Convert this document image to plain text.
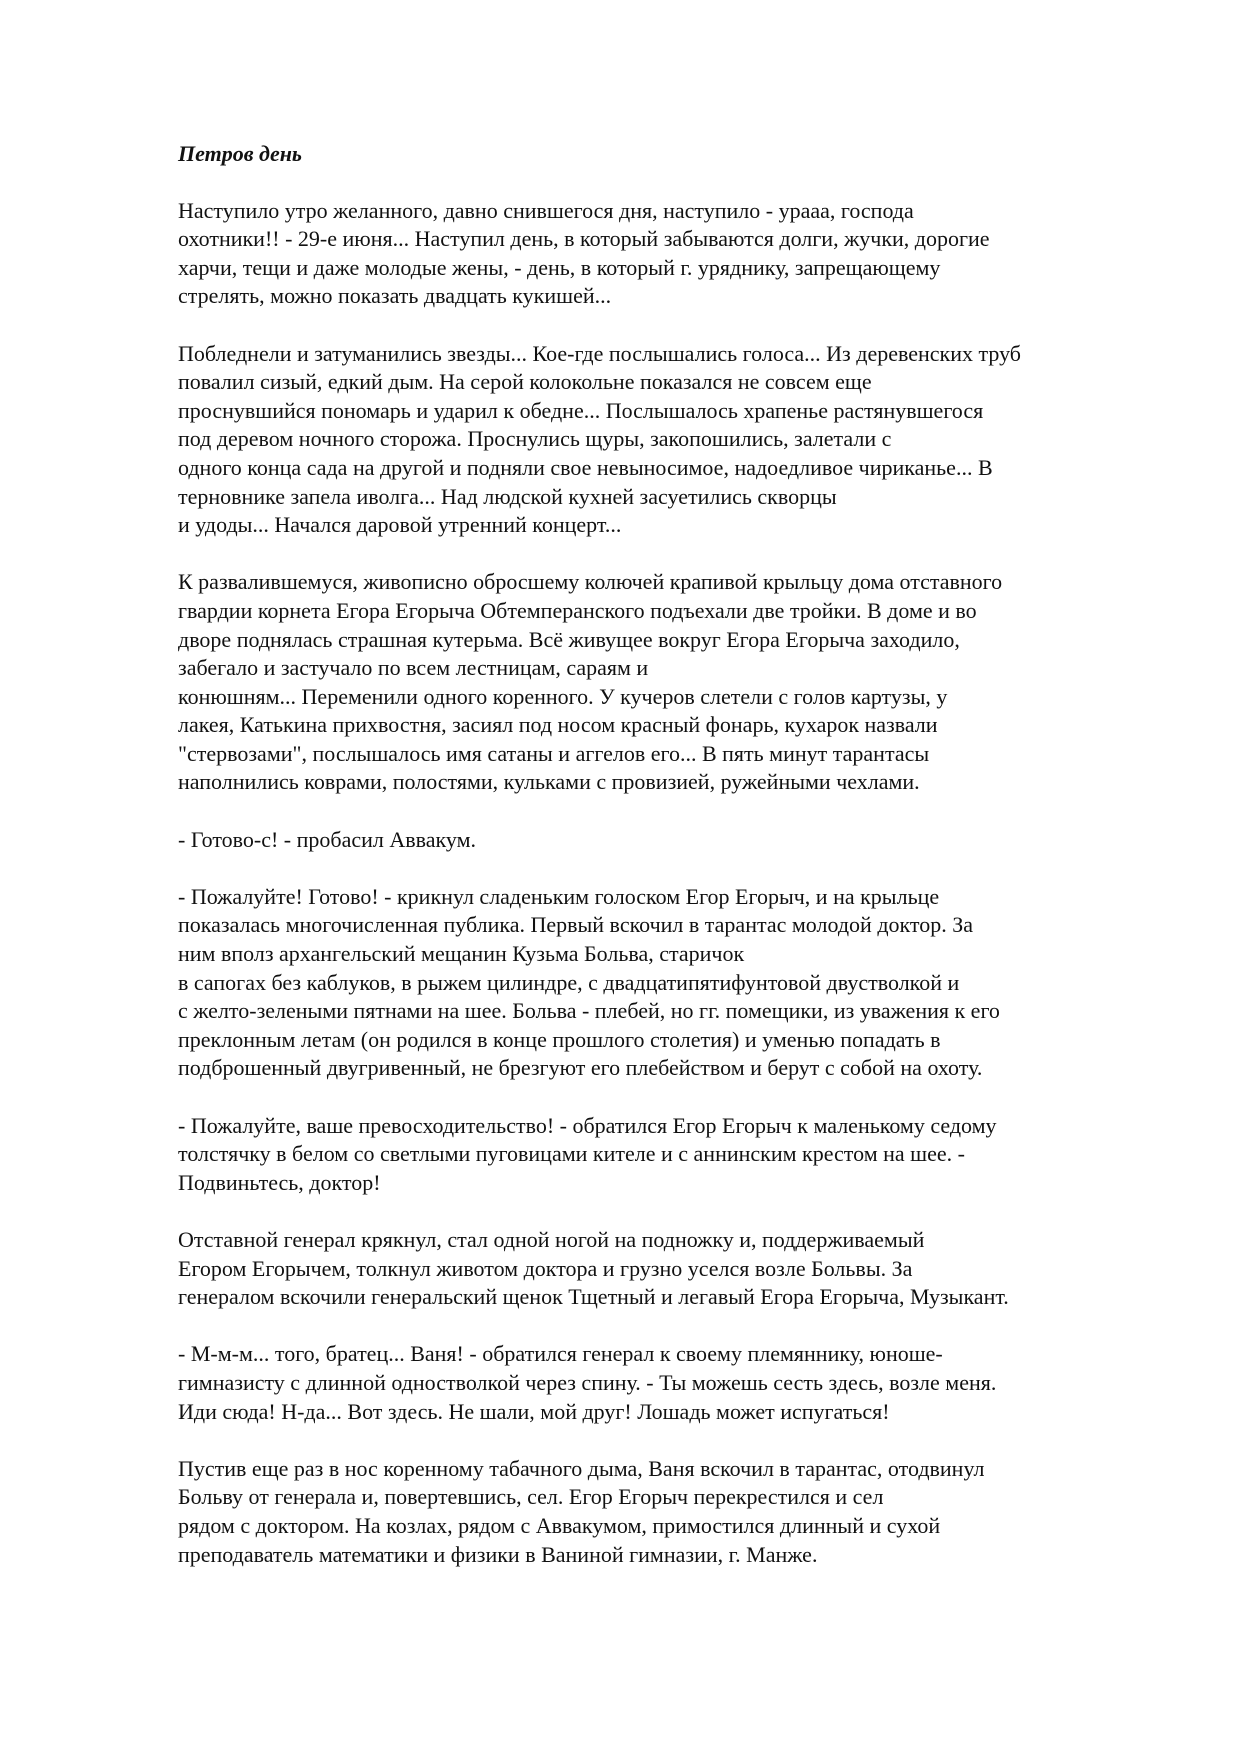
Петров день
Наступило утро желанного, давно снившегося дня, наступило - урааа, господа
охотники!! - 29-е июня... Наступил день, в который забываются долги, жучки, дорогие
харчи, тещи и даже молодые жены, - день, в который г. уряднику, запрещающему
стрелять, можно показать двадцать кукишей...
Побледнели и затуманились звезды... Кое-где послышались голоса... Из деревенских труб
повалил сизый, едкий дым. На серой колокольне показался не совсем еще
проснувшийся пономарь и ударил к обедне... Послышалось храпенье растянувшегося
под деревом ночного сторожа. Проснулись щуры, закопошились, залетали с
одного конца сада на другой и подняли свое невыносимое, надоедливое чириканье... В
терновнике запела иволга... Над людской кухней засуетились скворцы
и удоды... Начался даровой утренний концерт...
К развалившемуся, живописно обросшему колючей крапивой крыльцу дома отставного
гвардии корнета Егора Егорыча Обтемперанского подъехали две тройки. В доме и во
дворе поднялась страшная кутерьма. Всё живущее вокруг Егора Егорыча заходило,
забегало и застучало по всем лестницам, сараям и
конюшням... Переменили одного коренного. У кучеров слетели с голов картузы, у
лакея, Катькина прихвостня, засиял под носом красный фонарь, кухарок назвали
"стервозами", послышалось имя сатаны и аггелов его... В пять минут тарантасы
наполнились коврами, полостями, кульками с провизией, ружейными чехлами.
- Готово-с! - пробасил Аввакум.
- Пожалуйте! Готово! - крикнул сладеньким голоском Егор Егорыч, и на крыльце
показалась многочисленная публика. Первый вскочил в тарантас молодой доктор. За
ним вполз архангельский мещанин Кузьма Больва, старичок
в сапогах без каблуков, в рыжем цилиндре, с двадцатипятифунтовой двустволкой и
с желто-зелеными пятнами на шее. Больва - плебей, но гг. помещики, из уважения к его
преклонным летам (он родился в конце прошлого столетия) и уменью попадать в
подброшенный двугривенный, не брезгуют его плебейством и берут с собой на охоту.
- Пожалуйте, ваше превосходительство! - обратился Егор Егорыч к маленькому седому
толстячку в белом со светлыми пуговицами кителе и с аннинским крестом на шее. -
Подвиньтесь, доктор!
Отставной генерал крякнул, стал одной ногой на подножку и, поддерживаемый
Егором Егорычем, толкнул животом доктора и грузно уселся возле Больвы. За
генералом вскочили генеральский щенок Тщетный и легавый Егора Егорыча, Музыкант.
- М-м-м... того, братец... Ваня! - обратился генерал к своему племяннику, юноше-
гимназисту с длинной одностволкой через спину. - Ты можешь сесть здесь, возле меня.
Иди сюда! Н-да... Вот здесь. Не шали, мой друг! Лошадь может испугаться!
Пустив еще раз в нос коренному табачного дыма, Ваня вскочил в тарантас, отодвинул
Больву от генерала и, повертевшись, сел. Егор Егорыч перекрестился и сел
рядом с доктором. На козлах, рядом с Аввакумом, примостился длинный и сухой
преподаватель математики и физики в Ваниной гимназии, г. Манже.
